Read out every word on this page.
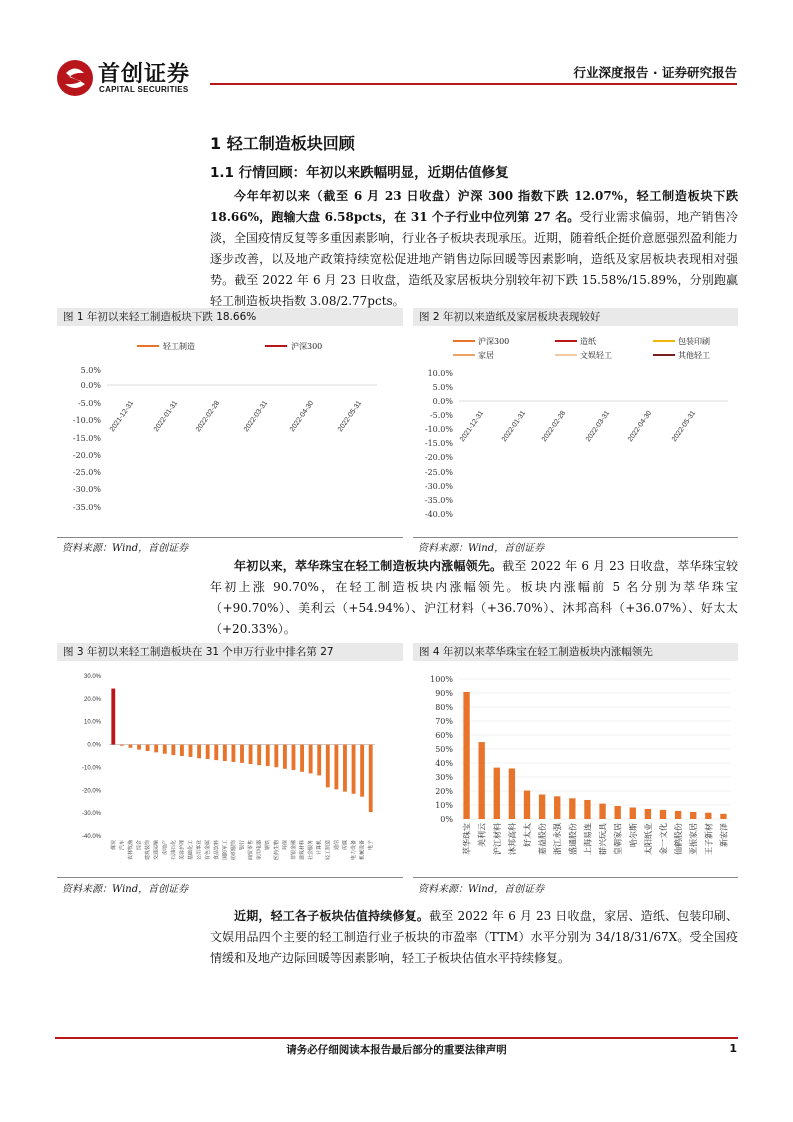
首创证券
CAPITAL SECURITIES
行业深度报告 · 证券研究报告
1 轻工制造板块回顾
1.1 行情回顾：年初以来跌幅明显，近期估值修复
今年年初以来（截至 6 月 23 日收盘）沪深 300 指数下跌 12.07%，轻工制造板块下跌 18.66%，跑输大盘 6.58pcts，在 31 个子行业中位列第 27 名。受行业需求偏弱，地产销售冷淡，全国疫情反复等多重因素影响，行业各子板块表现承压。近期，随着纸企挺价意愿强烈盈利能力逐步改善，以及地产政策持续宽松促进地产销售边际回暖等因素影响，造纸及家居板块表现相对强势。截至 2022 年 6 月 23 日收盘，造纸及家居板块分别较年初下跌 15.58%/15.89%，分别跑赢轻工制造板块指数 3.08/2.77pcts。
图 1 年初以来轻工制造板块下跌 18.66%
轻工制造	沪深300
5.0%
0.0%
-5.0%
-10.0%
-15.0%
-20.0%
-25.0%
-30.0%
-35.0%
2021-12-31	2022-01-31 2022-02-28	2022-03-31	2022-04-30	2022-05-31
资料来源：Wind，首创证券
图 2 年初以来造纸及家居板块表现较好
沪深300	造纸	包装印刷
家居	文娱轻工	其他轻工
10.0%
5.0%
0.0%
-5.0%
-10.0%
-15.0%
-20.0%
-25.0%
-30.0%
-35.0%
-40.0%
2021-12-31 2022-01-31 2022-02-28	2022-03-31 2022-04-30	2022-05-31
资料来源：Wind，首创证券
年初以来，萃华珠宝在轻工制造板块内涨幅领先。截至 2022 年 6 月 23 日收盘，萃华珠宝较年初上涨 90.70%，在轻工制造板块内涨幅领先。板块内涨幅前 5 名分别为萃华珠宝（+90.70%）、美利云（+54.94%）、沪江材料（+36.70%）、沐邦高科（+36.07%）、好太太（+20.33%）。
图 3 年初以来轻工制造板块在 31 个申万行业中排名第 27
30.0%
20.0%
10.0%
0.0%
-10.0%
-20.0%
-30.0%
-40.0%
煤炭 汽车 农林牧渔 综合 建筑装饰 交通运输 房地产 石油石化 美容护理 基础化工 公用事业 有色金属 食品饮料 国防军工 纺织服饰 银行 商贸零售 家用电器 钢铁 医药生物 环保 非银金融 建筑材料 社会服务 计算机 轻工制造 通信 传媒 电力设备 机械设备 电子
资料来源：Wind，首创证券
图 4 年初以来萃华珠宝在轻工制造板块内涨幅领先
100%
90%
80%
70%
60%
50%
40%
30%
20%
10%
0%
萃华珠宝 美利云 沪江材料 沐邦高科 好太太 嘉益股份 浙江永强 盛通股份 上海易连 群兴玩具 皇朝家居 哈尔斯 太阳纸业 金一文化 仙鹤股份 亚振家居 王子新材 新宏泽
资料来源：Wind，首创证券
近期，轻工各子板块估值持续修复。截至 2022 年 6 月 23 日收盘，家居、造纸、包装印刷、文娱用品四个主要的轻工制造行业子板块的市盈率（TTM）水平分别为 34/18/31/67X。受全国疫情缓和及地产边际回暖等因素影响，轻工子板块估值水平持续修复。
请务必仔细阅读本报告最后部分的重要法律声明	1
